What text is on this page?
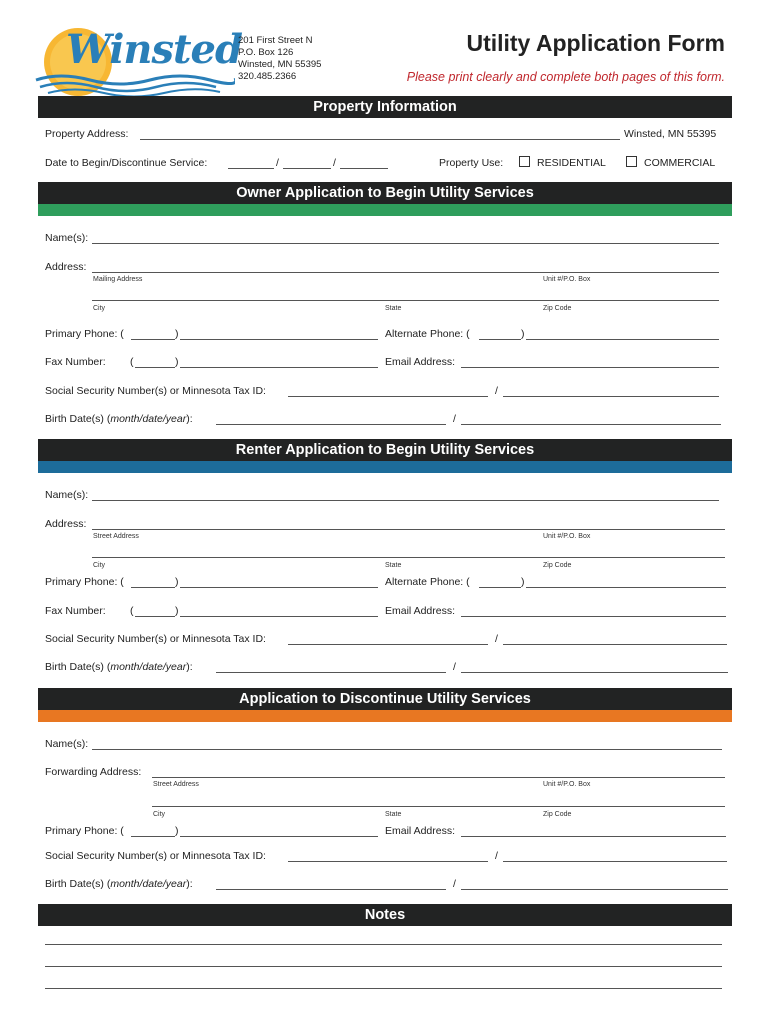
Winsted
201 First Street N
P.O. Box 126
Winsted, MN 55395
320.485.2366
Utility Application Form
Please print clearly and complete both pages of this form.
Property Information
Property Address:	Winsted, MN 55395
Date to Begin/Discontinue Service:	/	/	Property Use:	RESIDENTIAL	COMMERCIAL
Owner Application to Begin Utility Services
Name(s):
Address:
Mailing Address	Unit #/P.O. Box
City	State	Zip Code
Primary Phone: (	)	Alternate Phone: (	)
Fax Number: (	)	Email Address:
Social Security Number(s) or Minnesota Tax ID:	/
Birth Date(s) (month/date/year):	/
Renter Application to Begin Utility Services
Name(s):
Address:
Street Address	Unit #/P.O. Box
City	State	Zip Code
Primary Phone: (	)	Alternate Phone: (	)
Fax Number: (	)	Email Address:
Social Security Number(s) or Minnesota Tax ID:	/
Birth Date(s) (month/date/year):	/
Application to Discontinue Utility Services
Name(s):
Forwarding Address:
Street Address	Unit #/P.O. Box
City	State	Zip Code
Primary Phone: (	)	Email Address:
Social Security Number(s) or Minnesota Tax ID:	/
Birth Date(s) (month/date/year):	/
Notes
